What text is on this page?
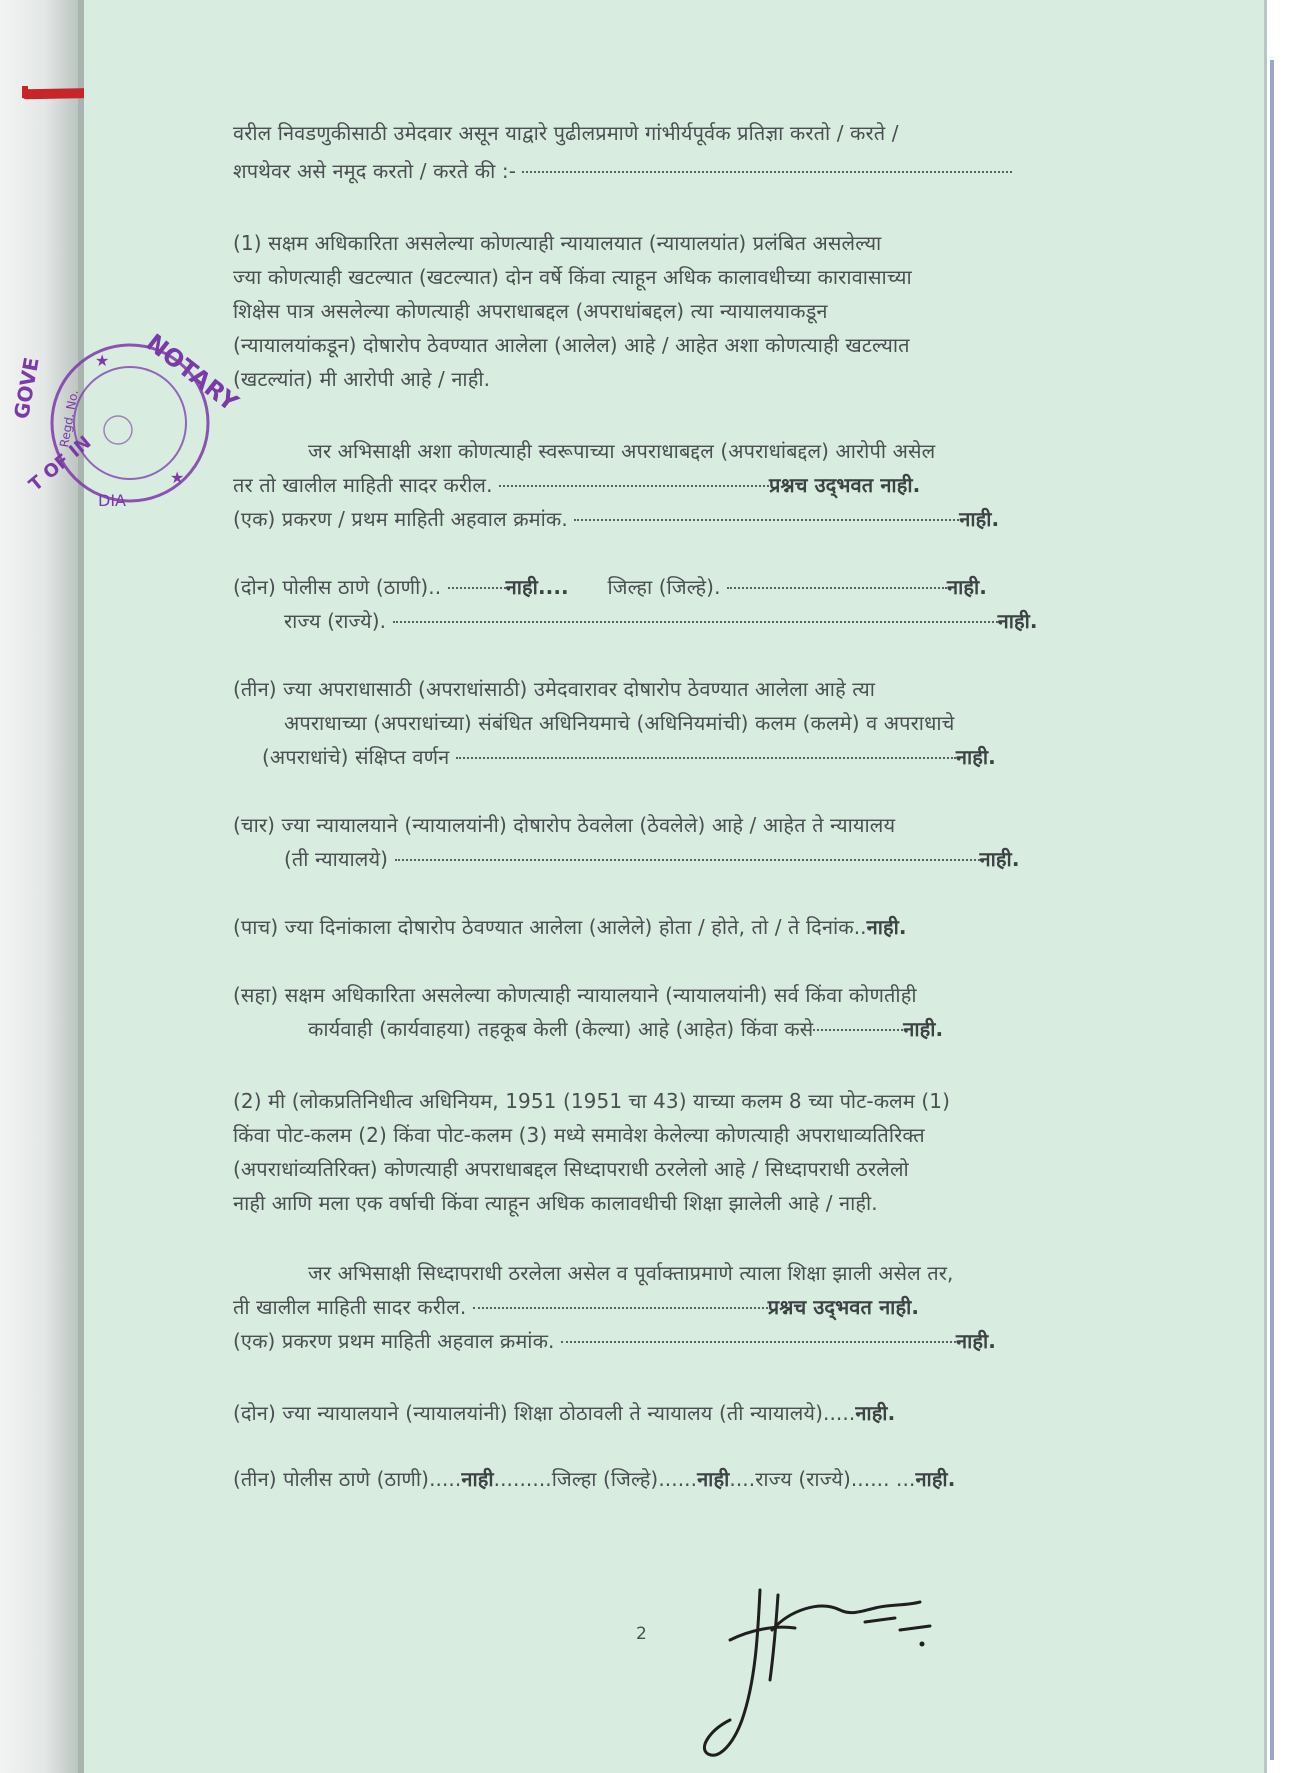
NOTARY
GOVE
T OF IN
DIA
Regd. No.
★
★
वरील निवडणुकीसाठी उमेदवार असून याद्वारे पुढीलप्रमाणे गांभीर्यपूर्वक प्रतिज्ञा करतो / करते /
शपथेवर असे नमूद करतो / करते की :-
(1) सक्षम अधिकारिता असलेल्या कोणत्याही न्यायालयात (न्यायालयांत) प्रलंबित असलेल्या
ज्या कोणत्याही खटल्यात (खटल्यात) दोन वर्षे किंवा त्याहून अधिक कालावधीच्या कारावासाच्या
शिक्षेस पात्र असलेल्या कोणत्याही अपराधाबद्दल (अपराधांबद्दल) त्या न्यायालयाकडून
(न्यायालयांकडून) दोषारोप ठेवण्यात आलेला (आलेल) आहे / आहेत अशा कोणत्याही खटल्यात
(खटल्यांत) मी आरोपी आहे / नाही.
जर अभिसाक्षी अशा कोणत्याही स्वरूपाच्या अपराधाबद्दल (अपराधांबद्दल) आरोपी असेल
तर तो खालील माहिती सादर करील.	प्रश्नच उद्‌भवत नाही.
(एक) प्रकरण / प्रथम माहिती अहवाल क्रमांक.	नाही.
(दोन) पोलीस ठाणे (ठाणी)..	नाही.... जिल्हा (जिल्हे).	नाही.
राज्य (राज्ये).	नाही.
(तीन) ज्या अपराधासाठी (अपराधांसाठी) उमेदवारावर दोषारोप ठेवण्यात आलेला आहे त्या
अपराधाच्या (अपराधांच्या) संबंधित अधिनियमाचे (अधिनियमांची) कलम (कलमे) व अपराधाचे
(अपराधांचे) संक्षिप्त वर्णन	नाही.
(चार) ज्या न्यायालयाने (न्यायालयांनी) दोषारोप ठेवलेला (ठेवलेले) आहे / आहेत ते न्यायालय
(ती न्यायालये)	नाही.
(पाच) ज्या दिनांकाला दोषारोप ठेवण्यात आलेला (आलेले) होता / होते, तो / ते दिनांक..नाही.
(सहा) सक्षम अधिकारिता असलेल्या कोणत्याही न्यायालयाने (न्यायालयांनी) सर्व किंवा कोणतीही
कार्यवाही (कार्यवाहया) तहकूब केली (केल्या) आहे (आहेत) किंवा कसे	नाही.
(2) मी (लोकप्रतिनिधीत्व अधिनियम, 1951 (1951 चा 43) याच्या कलम 8 च्या पोट-कलम (1)
किंवा पोट-कलम (2) किंवा पोट-कलम (3) मध्ये समावेश केलेल्या कोणत्याही अपराधाव्यतिरिक्त
(अपराधांव्यतिरिक्त) कोणत्याही अपराधाबद्दल सिध्दापराधी ठरलेलो आहे / सिध्दापराधी ठरलेलो
नाही आणि मला एक वर्षाची किंवा त्याहून अधिक कालावधीची शिक्षा झालेली आहे / नाही.
जर अभिसाक्षी सिध्दापराधी ठरलेला असेल व पूर्वाक्ताप्रमाणे त्याला शिक्षा झाली असेल तर,
ती खालील माहिती सादर करील.	प्रश्नच उद्‌भवत नाही.
(एक) प्रकरण प्रथम माहिती अहवाल क्रमांक.	नाही.
(दोन) ज्या न्यायालयाने (न्यायालयांनी) शिक्षा ठोठावली ते न्यायालय (ती न्यायालये).....नाही.
(तीन) पोलीस ठाणे (ठाणी).....नाही.........जिल्हा (जिल्हे)......नाही....राज्य (राज्ये)...... ...नाही.
2
